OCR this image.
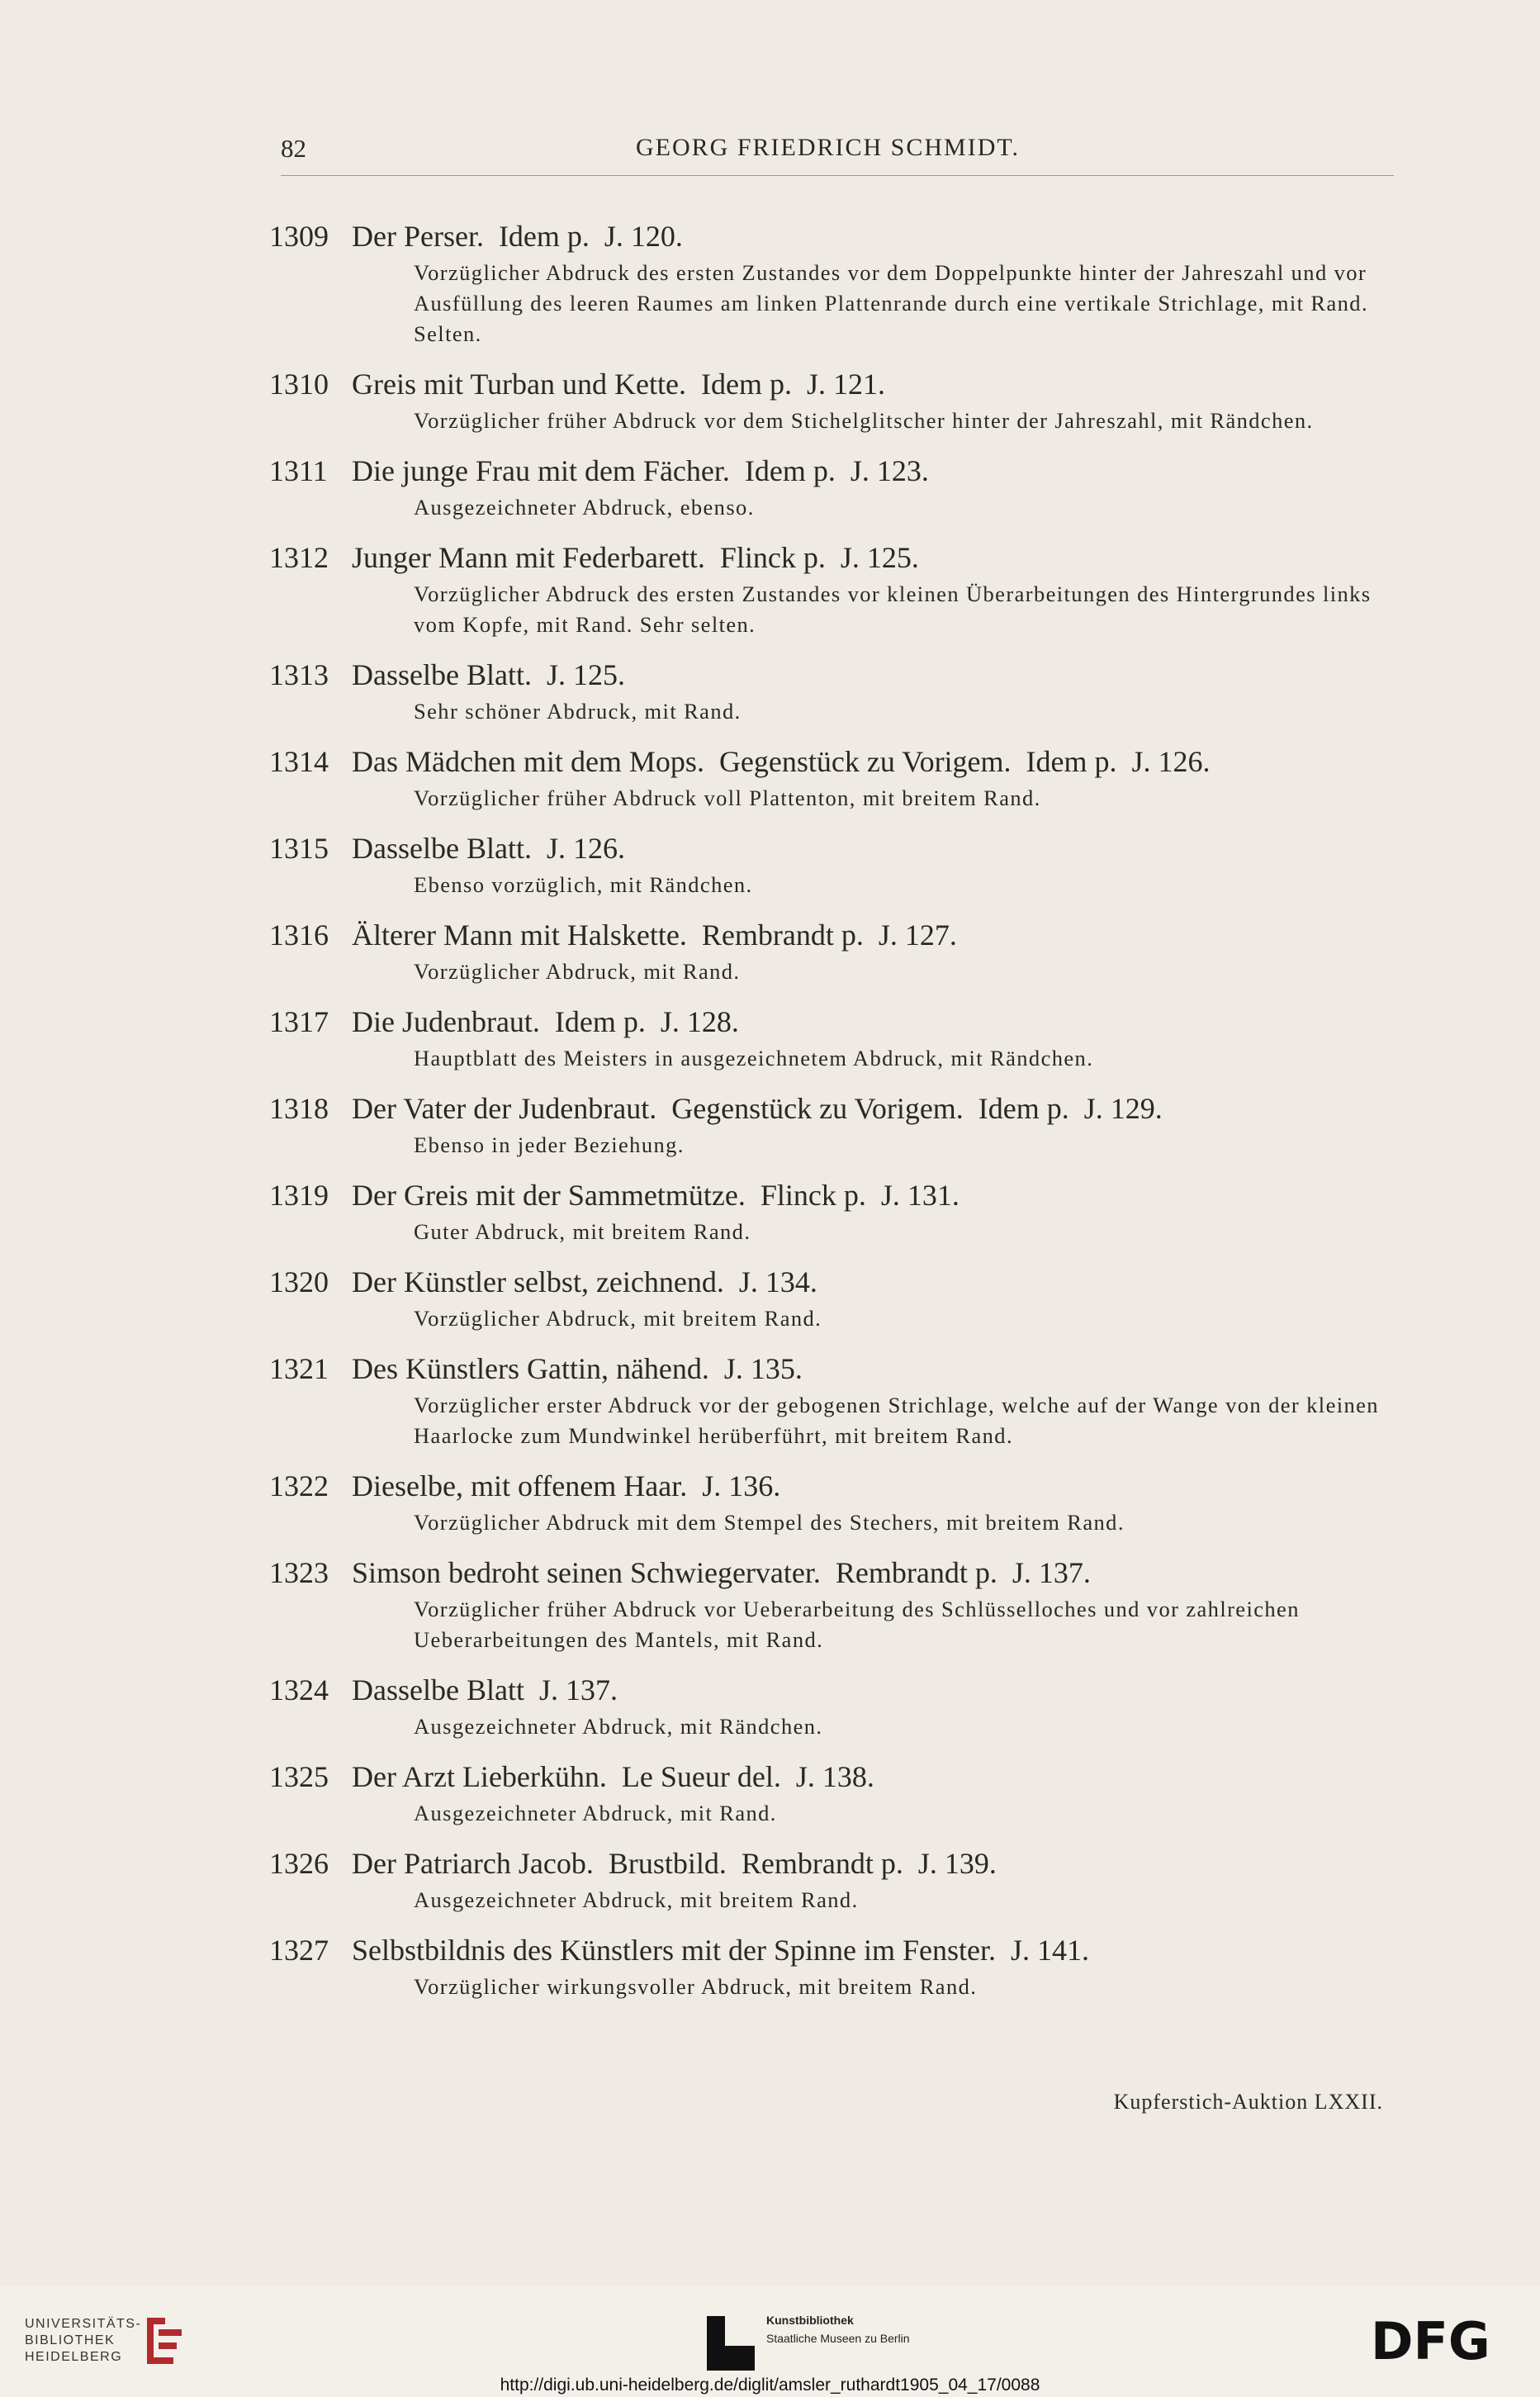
82	GEORG FRIEDRICH SCHMIDT.
1309 Der Perser.  Idem p.  J. 120.
Vorzüglicher Abdruck des ersten Zustandes vor dem Doppelpunkte hinter der Jahreszahl und vor Ausfüllung des leeren Raumes am linken Plattenrande durch eine vertikale Strichlage, mit Rand. Selten.
1310 Greis mit Turban und Kette.  Idem p.  J. 121.
Vorzüglicher früher Abdruck vor dem Stichelglitscher hinter der Jahreszahl, mit Rändchen.
1311 Die junge Frau mit dem Fächer.  Idem p.  J. 123.
Ausgezeichneter Abdruck, ebenso.
1312 Junger Mann mit Federbarett.  Flinck p.  J. 125.
Vorzüglicher Abdruck des ersten Zustandes vor kleinen Überarbeitungen des Hintergrundes links vom Kopfe, mit Rand. Sehr selten.
1313 Dasselbe Blatt.  J. 125.
Sehr schöner Abdruck, mit Rand.
1314 Das Mädchen mit dem Mops.  Gegenstück zu Vorigem.  Idem p.  J. 126.
Vorzüglicher früher Abdruck voll Plattenton, mit breitem Rand.
1315 Dasselbe Blatt.  J. 126.
Ebenso vorzüglich, mit Rändchen.
1316 Älterer Mann mit Halskette.  Rembrandt p.  J. 127.
Vorzüglicher Abdruck, mit Rand.
1317 Die Judenbraut.  Idem p.  J. 128.
Hauptblatt des Meisters in ausgezeichnetem Abdruck, mit Rändchen.
1318 Der Vater der Judenbraut.  Gegenstück zu Vorigem.  Idem p.  J. 129.
Ebenso in jeder Beziehung.
1319 Der Greis mit der Sammetmütze.  Flinck p.  J. 131.
Guter Abdruck, mit breitem Rand.
1320 Der Künstler selbst, zeichnend.  J. 134.
Vorzüglicher Abdruck, mit breitem Rand.
1321 Des Künstlers Gattin, nähend.  J. 135.
Vorzüglicher erster Abdruck vor der gebogenen Strichlage, welche auf der Wange von der kleinen Haarlocke zum Mundwinkel herüberführt, mit breitem Rand.
1322 Dieselbe, mit offenem Haar.  J. 136.
Vorzüglicher Abdruck mit dem Stempel des Stechers, mit breitem Rand.
1323 Simson bedroht seinen Schwiegervater.  Rembrandt p.  J. 137.
Vorzüglicher früher Abdruck vor Ueberarbeitung des Schlüsselloches und vor zahlreichen Ueberarbeitungen des Mantels, mit Rand.
1324 Dasselbe Blatt  J. 137.
Ausgezeichneter Abdruck, mit Rändchen.
1325 Der Arzt Lieberkühn.  Le Sueur del.  J. 138.
Ausgezeichneter Abdruck, mit Rand.
1326 Der Patriarch Jacob.  Brustbild.  Rembrandt p.  J. 139.
Ausgezeichneter Abdruck, mit breitem Rand.
1327 Selbstbildnis des Künstlers mit der Spinne im Fenster.  J. 141.
Vorzüglicher wirkungsvoller Abdruck, mit breitem Rand.
Kupferstich-Auktion LXXII.
UNIVERSITÄTS-
BIBLIOTHEK
HEIDELBERG
Kunstbibliothek
Staatliche Museen zu Berlin	DFG
http://digi.ub.uni-heidelberg.de/diglit/amsler_ruthardt1905_04_17/0088
